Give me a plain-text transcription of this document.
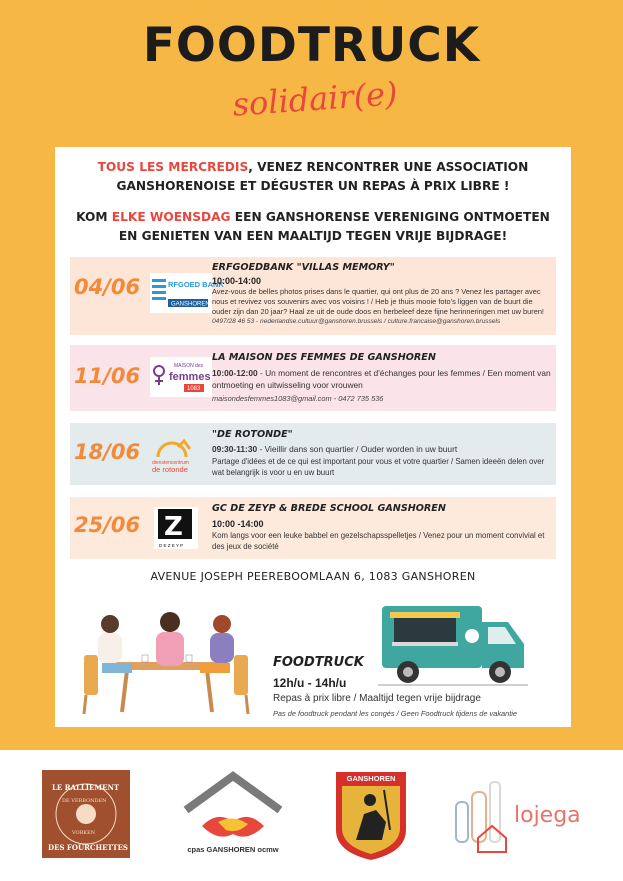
FOODTRUCK
solidair(e)
TOUS LES MERCREDIS, VENEZ RENCONTRER UNE ASSOCIATION
GANSHORENOISE ET DÉGUSTER UN REPAS À PRIX LIBRE !
KOM ELKE WOENSDAG EEN GANSHORENSE VERENIGING ONTMOETEN
EN GENIETEN VAN EEN MAALTIJD TEGEN VRIJE BIJDRAGE!
04/06	RFGOED BANK
GANSHOREN
ERFGOEDBANK "VILLAS MEMORY"
10:00-14:00
Avez-vous de belles photos prises dans le quartier, qui ont plus de 20 ans ? Venez les partager avec nous et revivez vos souvenirs avec vos voisins ! / Heb je thuis mooie foto's liggen van de buurt die ouder zijn dan 20 jaar? Haal ze uit de oude doos en herbeleef deze fijne herinneringen met uw buren!
0497/28 46 53 - nederlandse.cultuur@ganshoren.brussels / culture.francaise@ganshoren.brussels
11/06	MAISON des
femmes
1083
LA MAISON DES FEMMES DE GANSHOREN
10:00-12:00 - Un moment de rencontres et d'échanges pour les femmes / Een moment van ontmoeting en uitwisseling voor vrouwen
maisondesfemmes1083@gmail.com - 0472 735 536
18/06	dienstencentrum
de rotonde
"DE ROTONDE"
09:30-11:30 - Vieillir dans son quartier / Ouder worden in uw buurt
Partage d'idées et de ce qui est important pour vous et votre quartier / Samen ideeën delen over wat belangrijk is voor u en uw buurt
25/06 Z
D E Z E Y P
GC DE ZEYP & BREDE SCHOOL GANSHOREN
10:00 -14:00
Kom langs voor een leuke babbel en gezelschapsspelletjes / Venez pour un moment convivial et des jeux de société
AVENUE JOSEPH PEEREBOOMLAAN 6, 1083 GANSHOREN
FOODTRUCK
12h/u - 14h/u
Repas à prix libre / Maaltijd tegen vrije bijdrage
Pas de foodtruck pendant les congés / Geen Foodtruck tijdens de vakantie
LE RALLIEMENT
DE VERBONDEN
VORKEN
DES FOURCHETTES	cpas GANSHOREN ocmw
GANSHOREN
lojega
